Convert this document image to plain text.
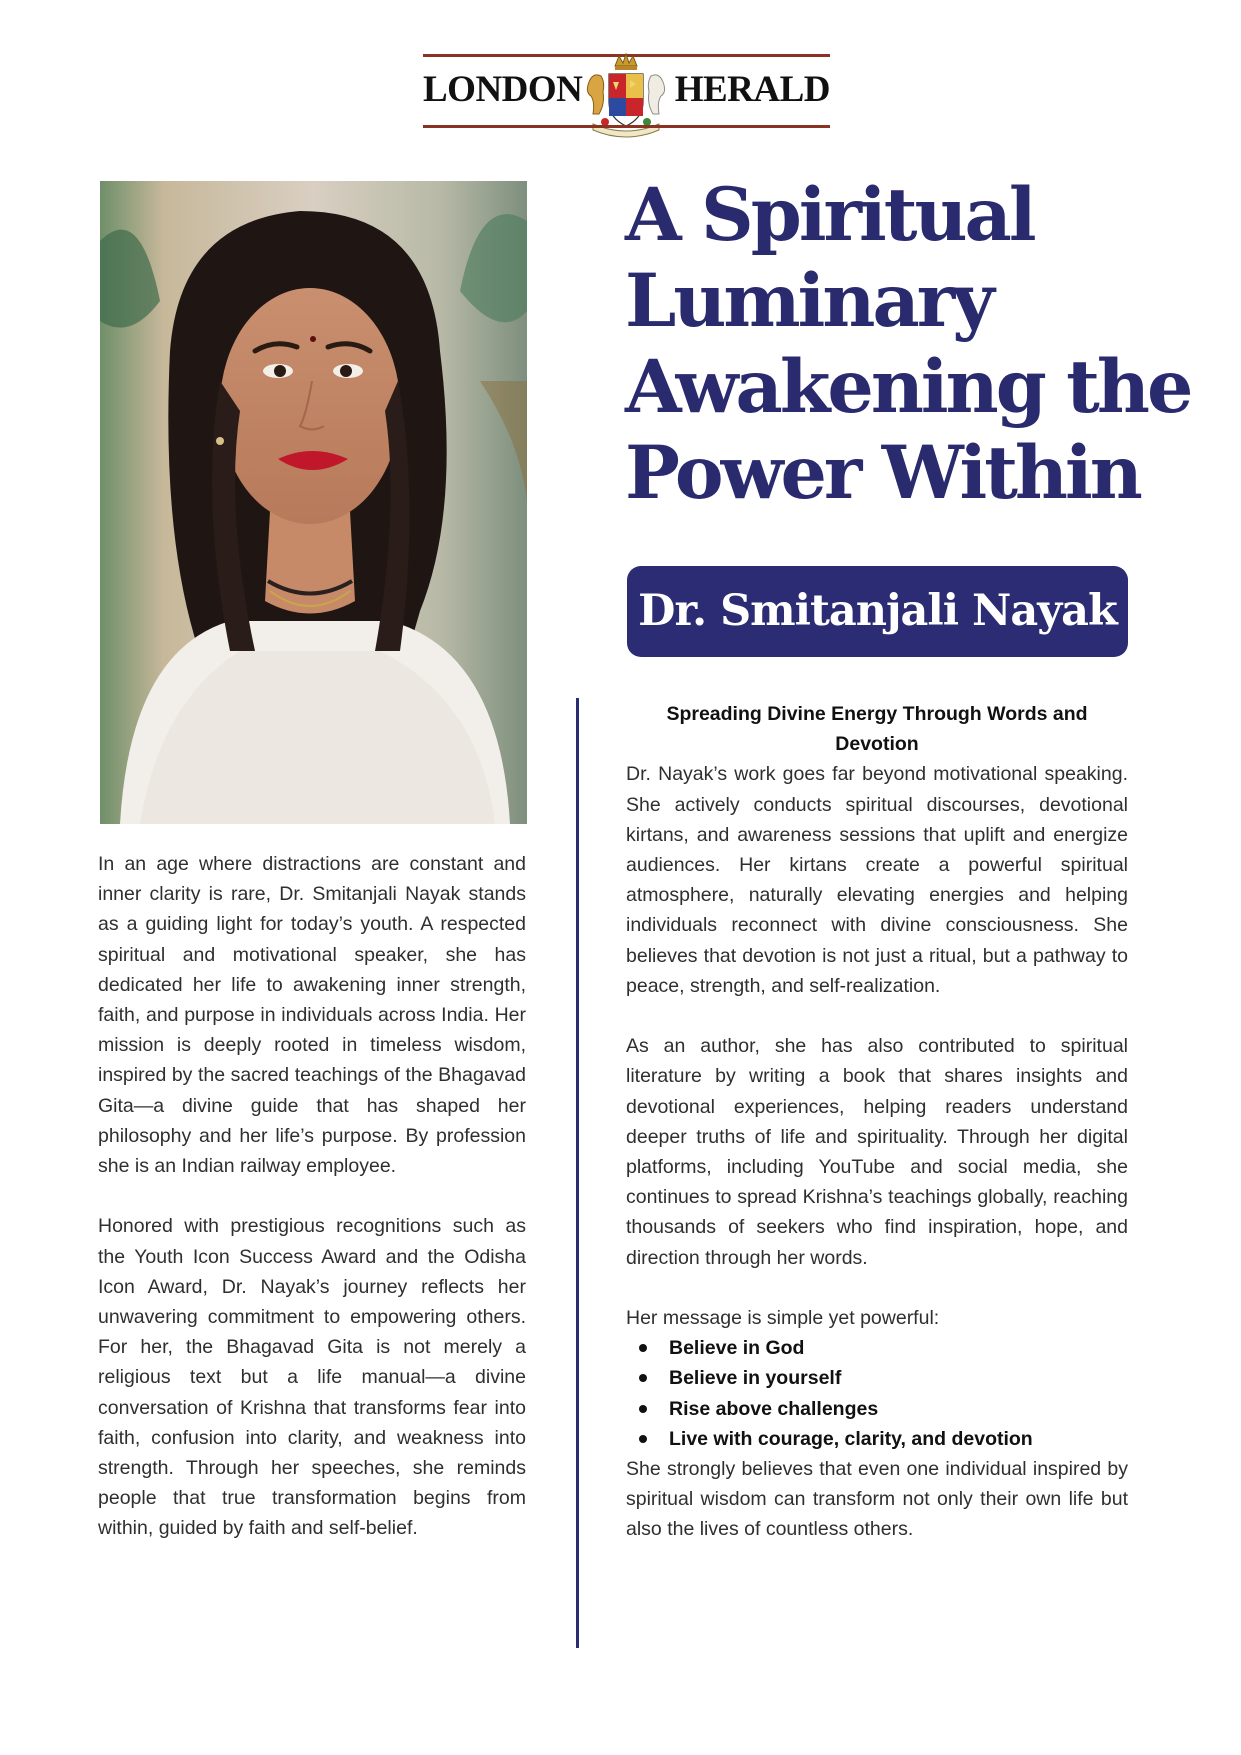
LONDON HERALD
A Spiritual
Luminary
Awakening the
Power Within
Dr. Smitanjali Nayak

In an age where distractions are constant and inner clarity is rare, Dr. Smitanjali Nayak stands as a guiding light for today’s youth. A respected spiritual and motivational speaker, she has dedicated her life to awakening inner strength, faith, and purpose in individuals across India. Her mission is deeply rooted in timeless wisdom, inspired by the sacred teachings of the Bhagavad Gita—a divine guide that has shaped her philosophy and her life’s purpose. By profession she is an Indian railway employee.

Honored with prestigious recognitions such as the Youth Icon Success Award and the Odisha Icon Award, Dr. Nayak’s journey reflects her unwavering commitment to empowering others. For her, the Bhagavad Gita is not merely a religious text but a life manual—a divine conversation of Krishna that transforms fear into faith, confusion into clarity, and weakness into strength. Through her speeches, she reminds people that true transformation begins from within, guided by faith and self-belief.

Spreading Divine Energy Through Words and Devotion

Dr. Nayak’s work goes far beyond motivational speaking. She actively conducts spiritual discourses, devotional kirtans, and awareness sessions that uplift and energize audiences. Her kirtans create a powerful spiritual atmosphere, naturally elevating energies and helping individuals reconnect with divine consciousness. She believes that devotion is not just a ritual, but a pathway to peace, strength, and self-realization.

As an author, she has also contributed to spiritual literature by writing a book that shares insights and devotional experiences, helping readers understand deeper truths of life and spirituality. Through her digital platforms, including YouTube and social media, she continues to spread Krishna’s teachings globally, reaching thousands of seekers who find inspiration, hope, and direction through her words.

Her message is simple yet powerful:

Believe in God
Believe in yourself
Rise above challenges
Live with courage, clarity, and devotion

She strongly believes that even one individual inspired by spiritual wisdom can transform not only their own life but also the lives of countless others.
